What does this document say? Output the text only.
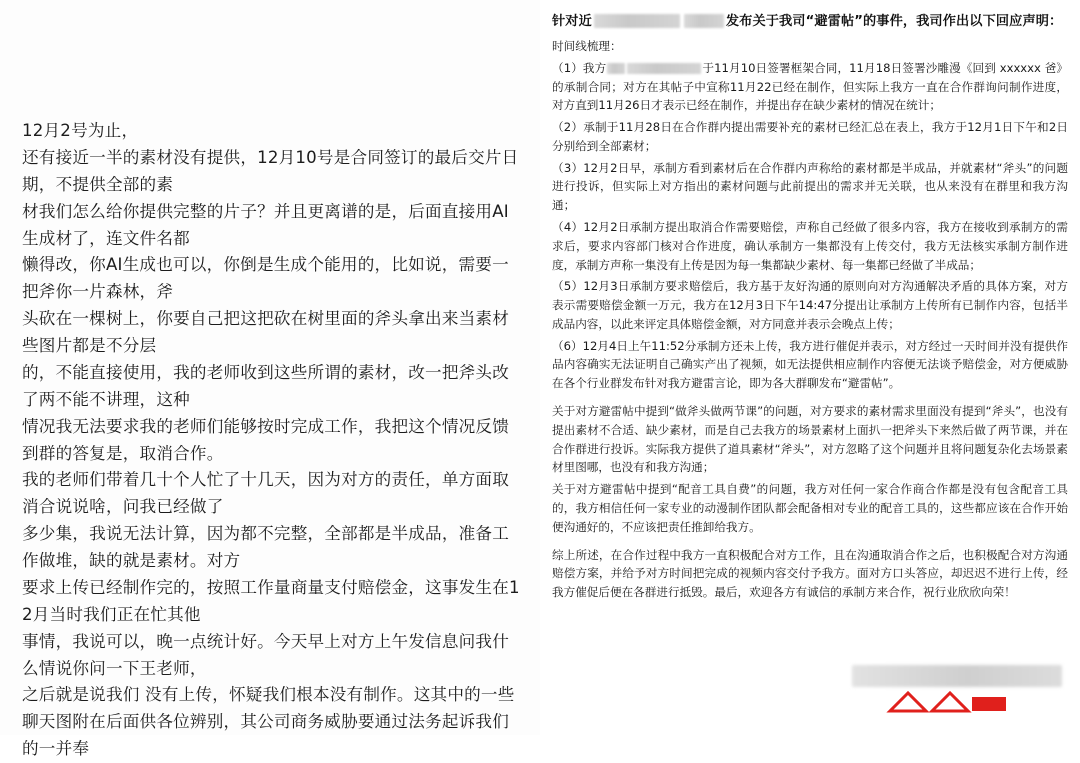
12月2号为止，
还有接近一半的素材没有提供，12月10号是合同签订的最后交片日期，不提供全部的素
材我们怎么给你提供完整的片子？并且更离谱的是，后面直接用AI生成材了，连文件名都
懒得改，你AI生成也可以，你倒是生成个能用的，比如说，需要一把斧你一片森林，斧
头砍在一棵树上，你要自己把这把砍在树里面的斧头拿出来当素材些图片都是不分层
的，不能直接使用，我的老师收到这些所谓的素材，改一把斧头改了两不能不讲理，这种
情况我无法要求我的老师们能够按时完成工作，我把这个情况反馈到群的答复是，取消合作。
我的老师们带着几十个人忙了十几天，因为对方的责任，单方面取消合说说啥，问我已经做了
多少集，我说无法计算，因为都不完整，全部都是半成品，准备工作做堆，缺的就是素材。对方
要求上传已经制作完的，按照工作量商量支付赔偿金，这事发生在12月当时我们正在忙其他
事情，我说可以，晚一点统计好。今天早上对方上午发信息问我什么情说你问一下王老师，
之后就是说我们 没有上传，怀疑我们根本没有制作。这其中的一些聊天图附在后面供各位辨别，其公司商务威胁要通过法务起诉我们的一并奉
针对近	发布关于我司“避雷帖”的事件，我司作出以下回应声明：
时间线梳理：
（1）我方	于11月10日签署框架合同，11月18日签署沙雕漫《回到 xxxxxx 爸》的承制合同；对方在其帖子中宣称11月22已经在制作，但实际上我方一直在合作群询问制作进度，对方直到11月26日才表示已经在制作，并提出存在缺少素材的情况在统计；
（2）承制于11月28日在合作群内提出需要补充的素材已经汇总在表上，我方于12月1日下午和2日分别给到全部素材；
（3）12月2日早，承制方看到素材后在合作群内声称给的素材都是半成品，并就素材“斧头”的问题进行投诉，但实际上对方指出的素材问题与此前提出的需求并无关联，也从来没有在群里和我方沟通；
（4）12月2日承制方提出取消合作需要赔偿，声称自己经做了很多内容，我方在接收到承制方的需求后，要求内容部门核对合作进度，确认承制方一集都没有上传交付，我方无法核实承制方制作进度，承制方声称一集没有上传是因为每一集都缺少素材、每一集都已经做了半成品；
（5）12月3日承制方要求赔偿后，我方基于友好沟通的原则向对方沟通解决矛盾的具体方案，对方表示需要赔偿金额一万元，我方在12月3日下午14:47分提出让承制方上传所有已制作内容，包括半成品内容，以此来评定具体赔偿金额，对方同意并表示会晚点上传；
（6）12月4日上午11:52分承制方还未上传，我方进行催促并表示，对方经过一天时间并没有提供作品内容确实无法证明自己确实产出了视频，如无法提供相应制作内容便无法谈予赔偿金，对方便威胁在各个行业群发布针对我方避雷言论，即为各大群聊发布“避雷帖”。
关于对方避雷帖中提到“做斧头做两节课”的问题，对方要求的素材需求里面没有提到“斧头”，也没有提出素材不合适、缺少素材，而是自己去我方的场景素材上面扒一把斧头下来然后做了两节课，并在合作群进行投诉。实际我方提供了道具素材“斧头”，对方忽略了这个问题并且将问题复杂化去场景素材里图哪，也没有和我方沟通；
关于对方避雷帖中提到“配音工具自费”的问题，我方对任何一家合作商合作都是没有包含配音工具的，我方相信任何一家专业的动漫制作团队都会配备相对专业的配音工具的，这些都应该在合作开始便沟通好的，不应该把责任推卸给我方。
综上所述，在合作过程中我方一直积极配合对方工作，且在沟通取消合作之后，也积极配合对方沟通赔偿方案，并给予对方时间把完成的视频内容交付予我方。面对方口头答应，却迟迟不进行上传，经我方催促后便在各群进行抵毁。最后，欢迎各方有诚信的承制方来合作，祝行业欣欣向荣！
